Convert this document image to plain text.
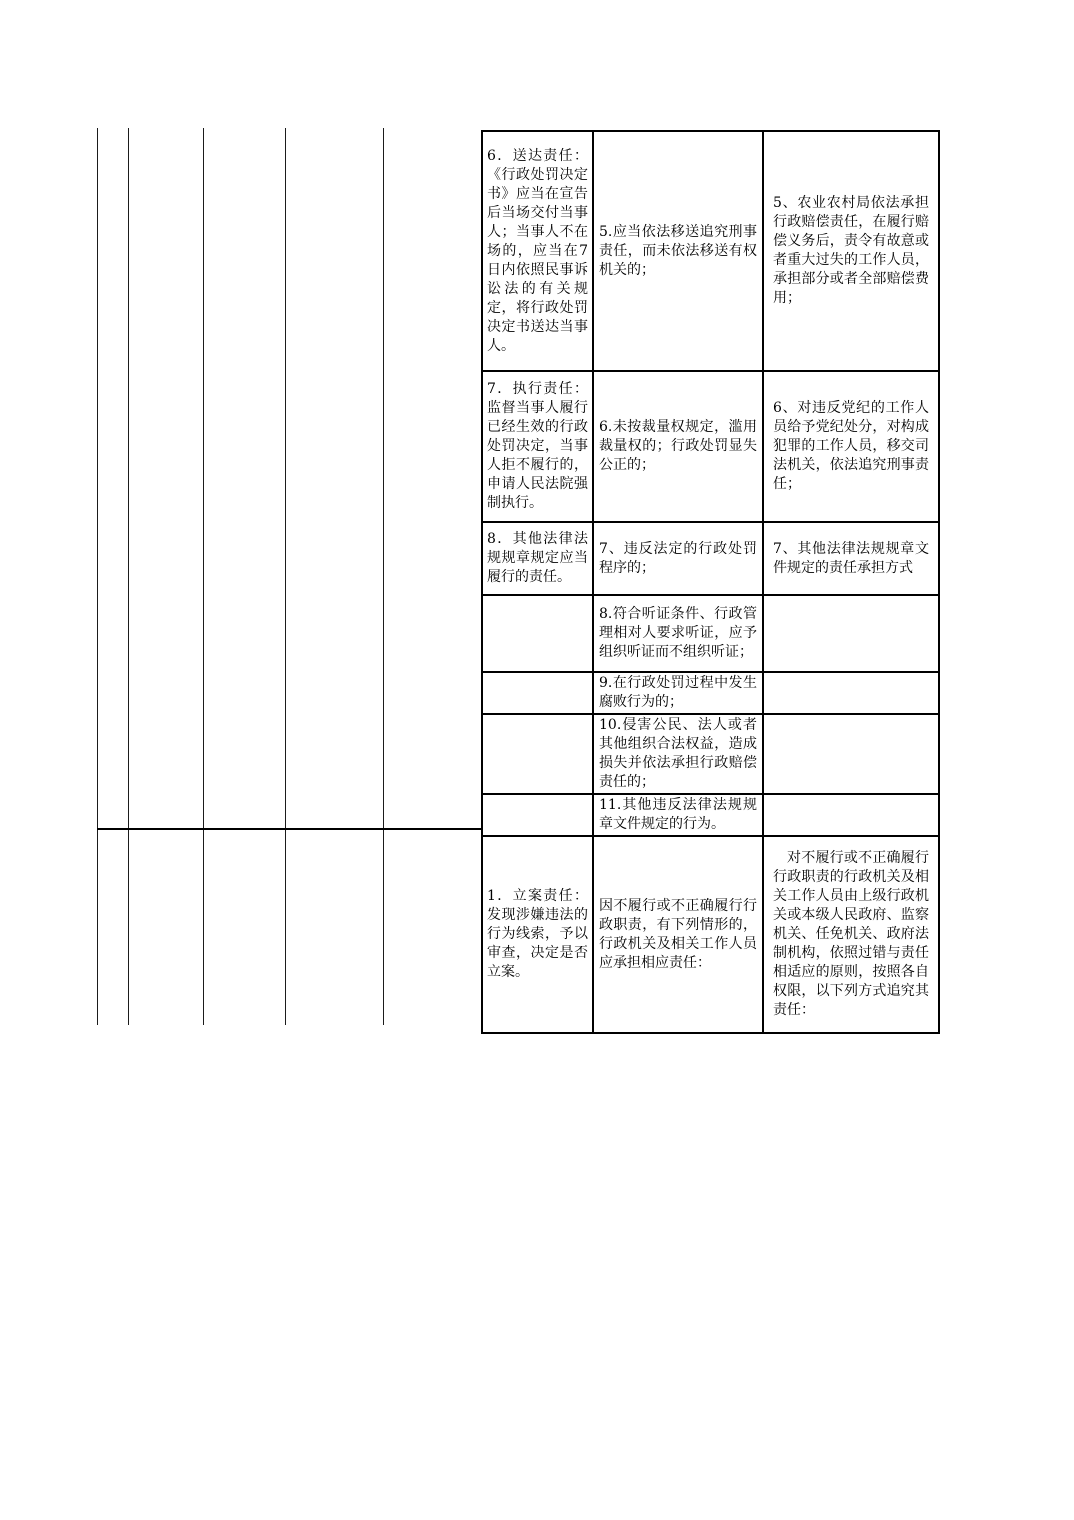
6．送达责任：《行政处罚决定书》应当在宣告后当场交付当事人；当事人不在场的，应当在7日内依照民事诉讼法的有关规定，将行政处罚决定书送达当事人。	5.应当依法移送追究刑事责任，而未依法移送有权机关的；	5、农业农村局依法承担行政赔偿责任，在履行赔偿义务后，责令有故意或者重大过失的工作人员，承担部分或者全部赔偿费用；
7．执行责任：监督当事人履行已经生效的行政处罚决定，当事人拒不履行的，申请人民法院强制执行。	6.未按裁量权规定，滥用裁量权的；行政处罚显失公正的；	6、对违反党纪的工作人员给予党纪处分，对构成犯罪的工作人员，移交司法机关，依法追究刑事责任；
8．其他法律法规规章规定应当履行的责任。	7、违反法定的行政处罚程序的；	7、其他法律法规规章文件规定的责任承担方式
	8.符合听证条件、行政管理相对人要求听证，应予组织听证而不组织听证；	
	9.在行政处罚过程中发生腐败行为的；	
	10.侵害公民、法人或者其他组织合法权益，造成损失并依法承担行政赔偿责任的；	
	11.其他违反法律法规规章文件规定的行为。	
1．立案责任：发现涉嫌违法的行为线索，予以审查，决定是否立案。	因不履行或不正确履行行政职责，有下列情形的，行政机关及相关工作人员应承担相应责任：	对不履行或不正确履行行政职责的行政机关及相关工作人员由上级行政机关或本级人民政府、监察机关、任免机关、政府法制机构，依照过错与责任相适应的原则，按照各自权限，以下列方式追究其责任：
